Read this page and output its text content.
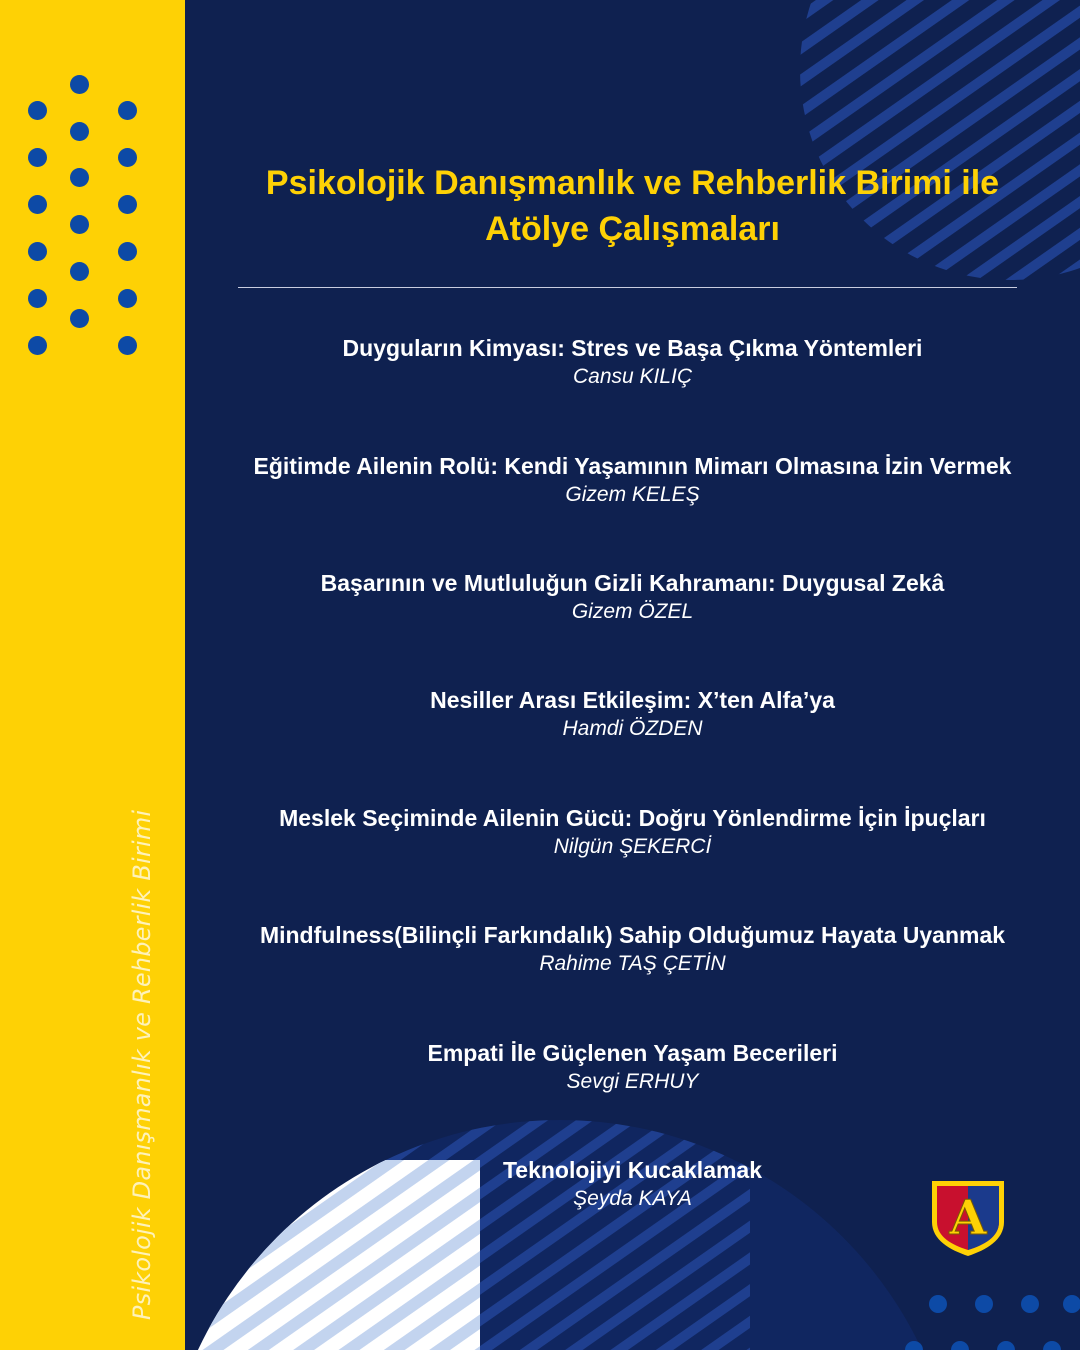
Psikolojik Danışmanlık ve Rehberlik Birimi
Psikolojik Danışmanlık ve Rehberlik Birimi ile
Atölye Çalışmaları
Duyguların Kimyası: Stres ve Başa Çıkma Yöntemleri
Cansu KILIÇ
Eğitimde Ailenin Rolü: Kendi Yaşamının Mimarı Olmasına İzin Vermek
Gizem KELEŞ
Başarının ve Mutluluğun Gizli Kahramanı: Duygusal Zekâ
Gizem ÖZEL
Nesiller Arası Etkileşim: X’ten Alfa’ya
Hamdi ÖZDEN
Meslek Seçiminde Ailenin Gücü: Doğru Yönlendirme İçin İpuçları
Nilgün ŞEKERCİ
Mindfulness(Bilinçli Farkındalık) Sahip Olduğumuz Hayata Uyanmak
Rahime TAŞ ÇETİN
Empati İle Güçlenen Yaşam Becerileri
Sevgi ERHUY
Teknolojiyi Kucaklamak
Şeyda KAYA	A
